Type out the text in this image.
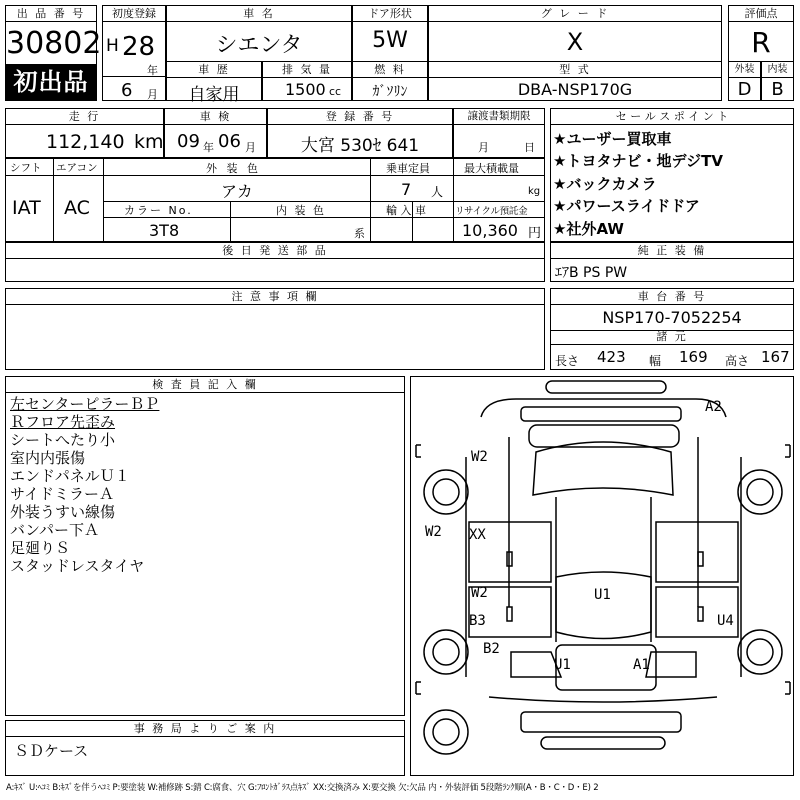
出 品 番 号
30802
初出品
初度登録
H 28
年
6 月
車 名
シエンタ
ドア形状
5W
グ レ ー ド
X
評価点
R
車 歴
自家用
排 気 量
1500 cc
燃 料
ｶﾞｿﾘﾝ
型 式
DBA-NSP170G
外装
D
内装
B
走 行
112,140 km
車 検
09 年 06 月
登 録 番 号
大宮 530ｾ 641
譲渡書類期限
月	日
シフト
IAT
エアコン
AC
外 装 色
アカ
乗車定員
7 人
最大積載量
kg
カラー No.
3T8
内 装 色
系
輸 入 車	リサイクル預託金
10,360 円
後 日 発 送 部 品
セ ー ル ス ポ イ ン ト
★ユーザー買取車
★トヨタナビ・地デジTV
★バックカメラ
★パワースライドドア
★社外AW
純 正 装 備
ｴｱB PS PW
注 意 事 項 欄	車 台 番 号
NSP170-7052254
諸 元
長さ 423 幅 169 高さ 167
検 査 員 記 入 欄
左センターピラーＢＰ
Ｒフロア先歪み
シートへたり小
室内内張傷
エンドパネルＵ１
サイドミラーＡ
外装うすい線傷
バンパー下Ａ
足廻りＳ
スタッドレスタイヤ
事 務 局 よ り ご 案 内
ＳＤケース
A2
W2
W2 XX
W2
B3
U1
U4
B2
U1	A1
A:ｷｽﾞ U:ﾍｺﾐ B:ｷｽﾞを伴うﾍｺﾐ P:要塗装 W:補修跡 S:錆 C:腐食、穴 G:ﾌﾛﾝﾄｶﾞﾗｽ点ｷｽﾞ XX:交換済み X:要交換 欠:欠品 内・外装評価 5段階ﾗﾝｸ順(A・B・C・D・E) 2
